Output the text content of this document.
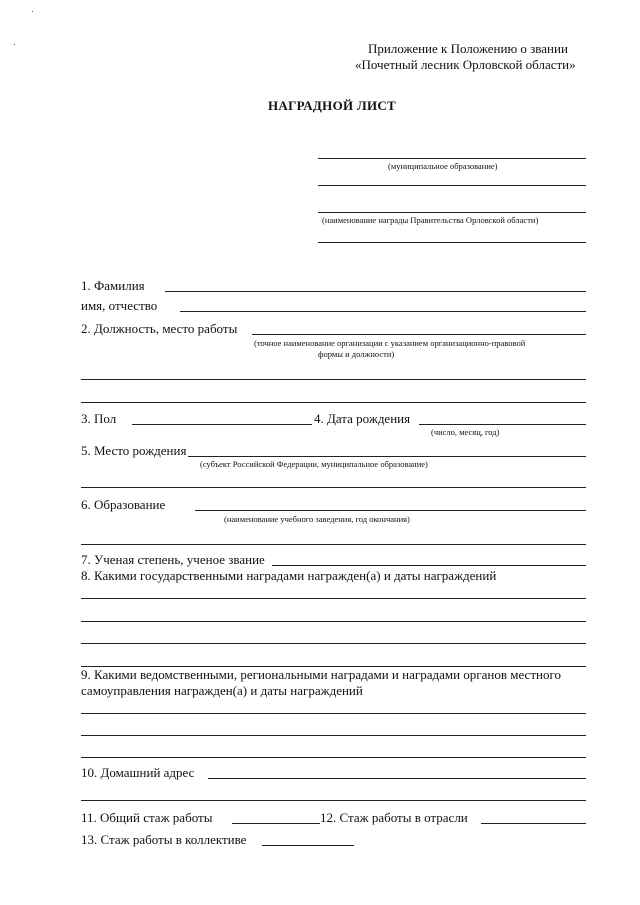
Приложение к Положению о звании
«Почетный лесник Орловской области»
НАГРАДНОЙ ЛИСТ
(муниципальное образование)
(наименование награды Правительства Орловской области)
1. Фамилия
имя, отчество
2. Должность, место работы
(точное наименование организации с указанием организационно-правовой
формы и должности)
3. Пол	4. Дата рождения
(число, месяц, год)
5. Место рождения
(субъект Российской Федерации, муниципальное образование)
6. Образование
(наименование учебного заведения, год окончания)
7. Ученая степень, ученое звание
8. Какими государственными наградами награжден(а) и даты награждений
9. Какими ведомственными, региональными наградами и наградами органов местного
самоуправления награжден(а) и даты награждений
10. Домашний адрес
11. Общий стаж работы	12. Стаж работы в отрасли
13. Стаж работы в коллективе
